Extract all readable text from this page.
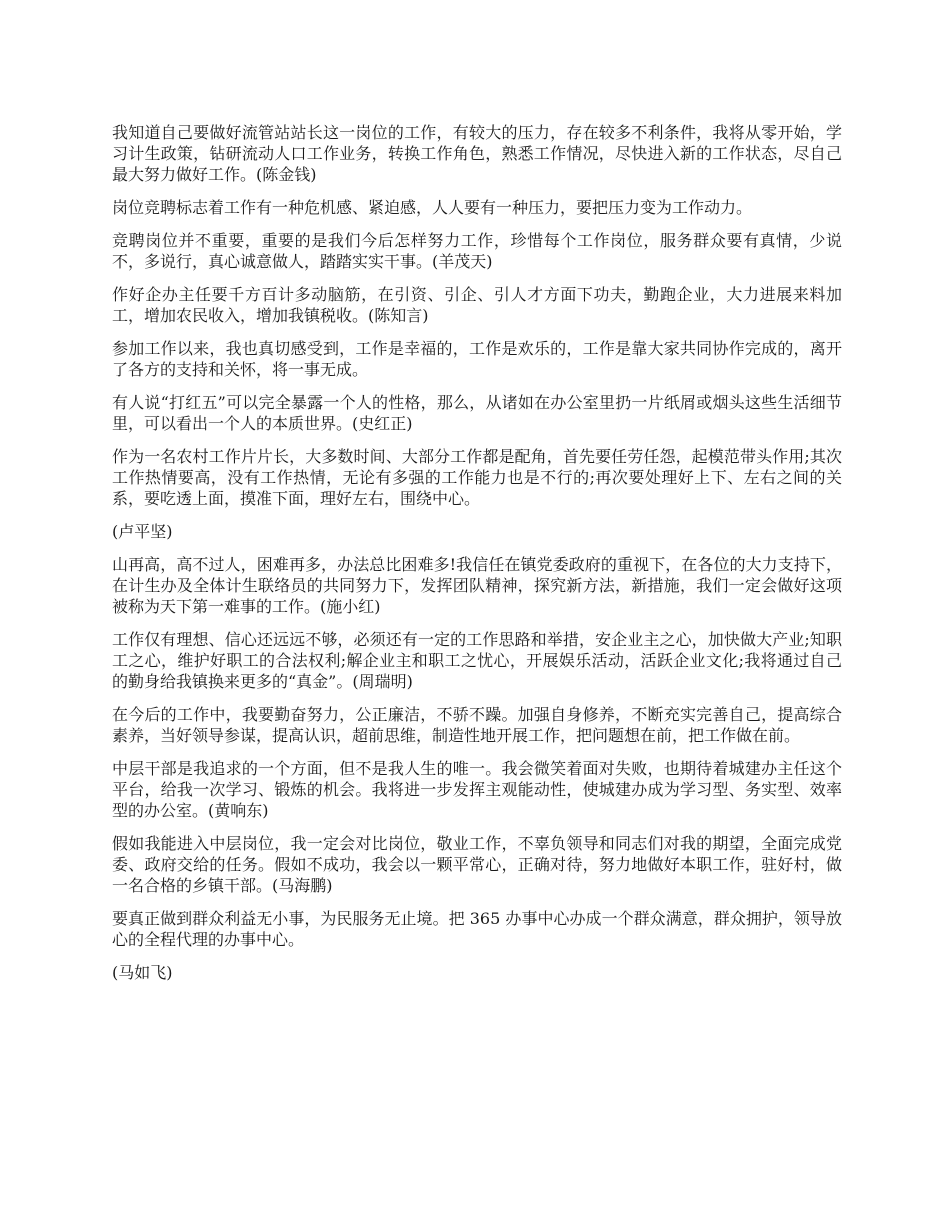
我知道自己要做好流管站站长这一岗位的工作，有较大的压力，存在较多不利条件，我将从零开始，学习计生政策，钻研流动人口工作业务，转换工作角色，熟悉工作情况，尽快进入新的工作状态，尽自己最大努力做好工作。(陈金钱)

岗位竞聘标志着工作有一种危机感、紧迫感，人人要有一种压力，要把压力变为工作动力。

竞聘岗位并不重要，重要的是我们今后怎样努力工作，珍惜每个工作岗位，服务群众要有真情，少说不，多说行，真心诚意做人，踏踏实实干事。(羊茂天)

作好企办主任要千方百计多动脑筋，在引资、引企、引人才方面下功夫，勤跑企业，大力进展来料加工，增加农民收入，增加我镇税收。(陈知言)

参加工作以来，我也真切感受到，工作是幸福的，工作是欢乐的，工作是靠大家共同协作完成的，离开了各方的支持和关怀，将一事无成。

有人说“打红五”可以完全暴露一个人的性格，那么，从诸如在办公室里扔一片纸屑或烟头这些生活细节里，可以看出一个人的本质世界。(史红正)

作为一名农村工作片片长，大多数时间、大部分工作都是配角，首先要任劳任怨，起模范带头作用;其次工作热情要高，没有工作热情，无论有多强的工作能力也是不行的;再次要处理好上下、左右之间的关系，要吃透上面，摸准下面，理好左右，围绕中心。

(卢平坚)

山再高，高不过人，困难再多，办法总比困难多!我信任在镇党委政府的重视下，在各位的大力支持下，在计生办及全体计生联络员的共同努力下，发挥团队精神，探究新方法，新措施，我们一定会做好这项被称为天下第一难事的工作。(施小红)

工作仅有理想、信心还远远不够，必须还有一定的工作思路和举措，安企业主之心，加快做大产业;知职工之心，维护好职工的合法权利;解企业主和职工之忧心，开展娱乐活动，活跃企业文化;我将通过自己的勤身给我镇换来更多的“真金”。(周瑞明)

在今后的工作中，我要勤奋努力，公正廉洁，不骄不躁。加强自身修养，不断充实完善自己，提高综合素养，当好领导参谋，提高认识，超前思维，制造性地开展工作，把问题想在前，把工作做在前。

中层干部是我追求的一个方面，但不是我人生的唯一。我会微笑着面对失败，也期待着城建办主任这个平台，给我一次学习、锻炼的机会。我将进一步发挥主观能动性，使城建办成为学习型、务实型、效率型的办公室。(黄响东)

假如我能进入中层岗位，我一定会对比岗位，敬业工作，不辜负领导和同志们对我的期望，全面完成党委、政府交给的任务。假如不成功，我会以一颗平常心，正确对待，努力地做好本职工作，驻好村，做一名合格的乡镇干部。(马海鹏)

要真正做到群众利益无小事，为民服务无止境。把 365 办事中心办成一个群众满意，群众拥护，领导放心的全程代理的办事中心。

(马如飞)
